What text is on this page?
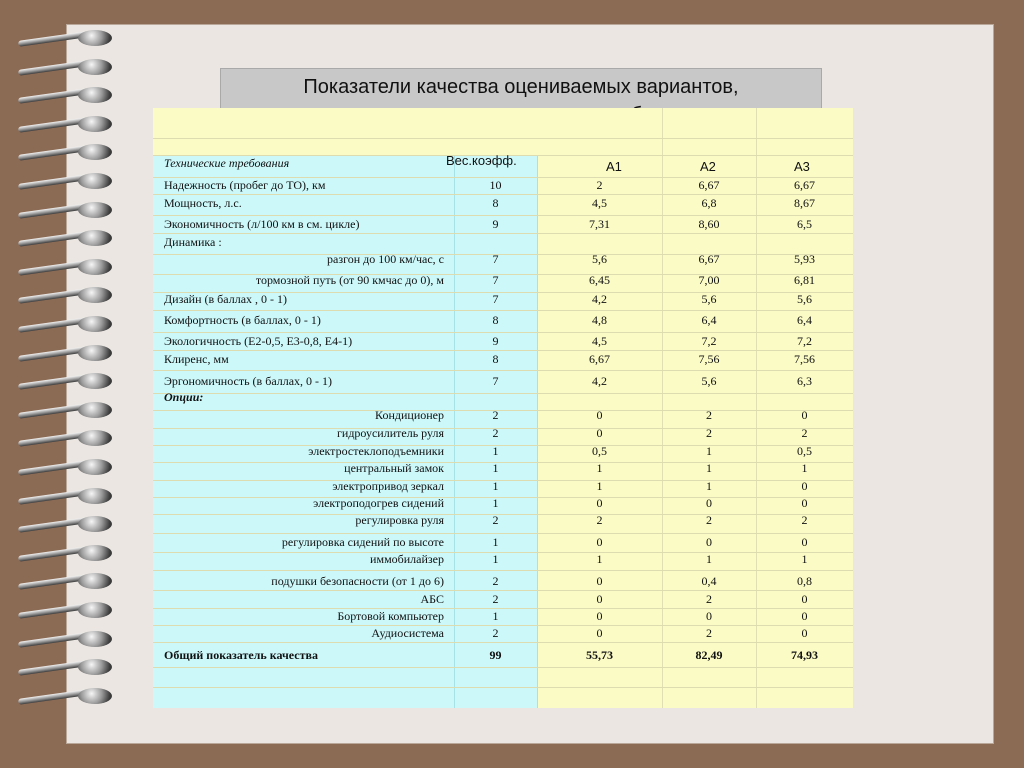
Показатели качества оцениваемых вариантов,
Технические требования	Вес.коэфф.	А1	А2	А3
Надежность (пробег до ТО), км	10	2	6,67	6,67
Мощность, л.с.	8	4,5	6,8	8,67
Экономичность (л/100 км в см. цикле)	9	7,31	8,60	6,5
Динамика :
разгон до 100 км/час, с	7	5,6	6,67	5,93
тормозной путь (от 90 кмчас до 0), м	7	6,45	7,00	6,81
Дизайн (в баллах , 0 - 1)	7	4,2	5,6	5,6
Комфортность (в баллах, 0 - 1)	8	4,8	6,4	6,4
Экологичность (Е2-0,5, Е3-0,8, Е4-1)	9	4,5	7,2	7,2
Клиренс, мм	8	6,67	7,56	7,56
Эргономичность (в баллах, 0 - 1)	7	4,2	5,6	6,3
Опции:
Кондиционер	2	0	2	0
гидроусилитель руля	2	0	2	2
электростеклоподъемники	1	0,5	1	0,5
центральный замок	1	1	1	1
электропривод зеркал	1	1	1	0
электроподогрев сидений	1	0	0	0
регулировка руля	2	2	2	2
регулировка сидений по высоте	1	0	0	0
иммобилайзер	1	1	1	1
подушки безопасности (от 1 до 6)	2	0	0,4	0,8
АБС	2	0	2	0
Бортовой компьютер	1	0	0	0
Аудиосистема	2	0	2	0
Общий показатель качества	99	55,73	82,49	74,93
